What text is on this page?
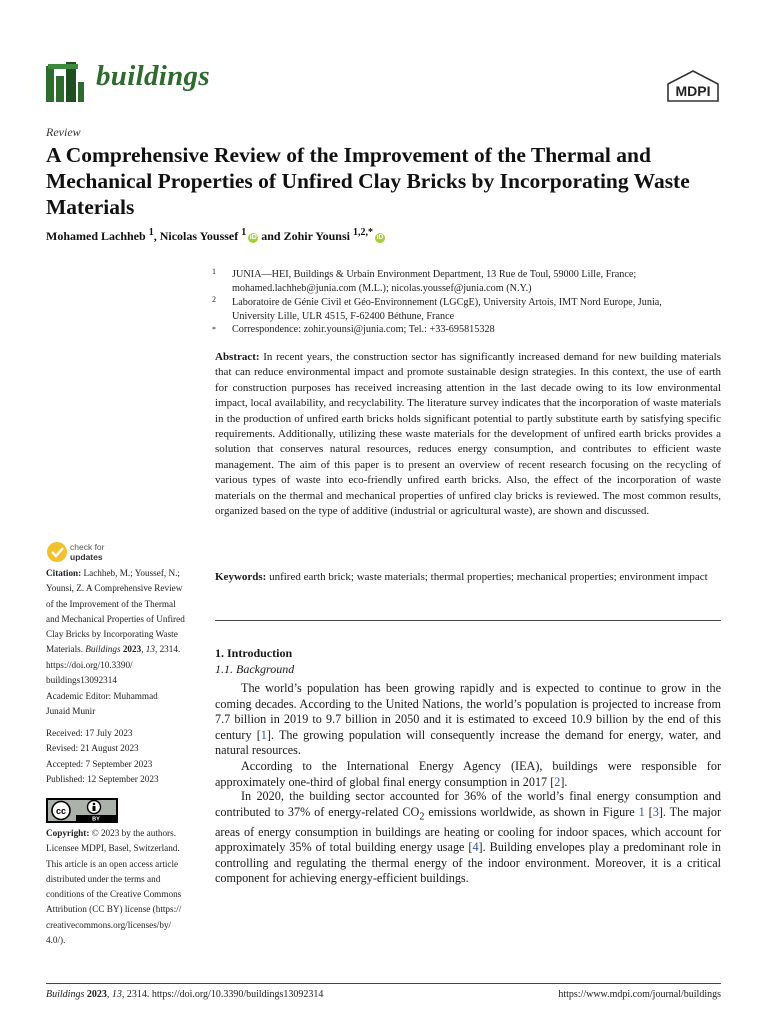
buildings	MDPI
Review
A Comprehensive Review of the Improvement of the Thermal and Mechanical Properties of Unfired Clay Bricks by Incorporating Waste Materials
Mohamed Lachheb $^1$, Nicolas Youssef $^1$ iD and Zohir Younsi $^{1,2,*}$ iD
1 JUNIA—HEI, Buildings & Urbain Environment Department, 13 Rue de Toul, 59000 Lille, France;
mohamed.lachheb@junia.com (M.L.); nicolas.youssef@junia.com (N.Y.)
2 Laboratoire de Génie Civil et Géo-Environnement (LGCgE), University Artois, IMT Nord Europe, Junia,
University Lille, ULR 4515, F-62400 Béthune, France
* Correspondence: zohir.younsi@junia.com; Tel.: +33-695815328
Abstract: In recent years, the construction sector has significantly increased demand for new building materials that can reduce environmental impact and promote sustainable design strategies. In this context, the use of earth for construction purposes has received increasing attention in the last decade owing to its low environmental impact, local availability, and recyclability. The literature survey indicates that the incorporation of waste materials in the production of unfired earth bricks holds significant potential to partly substitute earth by satisfying specific requirements. Additionally, utilizing these waste materials for the development of unfired earth bricks provides a solution that conserves natural resources, reduces energy consumption, and contributes to efficient waste management. The aim of this paper is to present an overview of recent research focusing on the recycling of various types of waste into eco-friendly unfired earth bricks. Also, the effect of the incorporation of waste materials on the thermal and mechanical properties of unfired clay bricks is reviewed. The most common results, organized based on the type of additive (industrial or agricultural waste), are shown and discussed.
Keywords: unfired earth brick; waste materials; thermal properties; mechanical properties; environment impact
check for
updates
Citation: Lachheb, M.; Youssef, N.;
Younsi, Z. A Comprehensive Review
of the Improvement of the Thermal
and Mechanical Properties of Unfired
Clay Bricks by Incorporating Waste
Materials. Buildings 2023, 13, 2314.
https://doi.org/10.3390/
buildings13092314
Academic Editor: Muhammad
Junaid Munir
Received: 17 July 2023
Revised: 21 August 2023
Accepted: 7 September 2023
Published: 12 September 2023
cc
BY
Copyright: © 2023 by the authors.
Licensee MDPI, Basel, Switzerland.
This article is an open access article
distributed under the terms and
conditions of the Creative Commons
Attribution (CC BY) license (https://
creativecommons.org/licenses/by/
4.0/).
1. Introduction
1.1. Background
The world’s population has been growing rapidly and is expected to continue to grow in the coming decades. According to the United Nations, the world’s population is projected to increase from 7.7 billion in 2019 to 9.7 billion in 2050 and it is estimated to exceed 10.9 billion by the end of this century [1]. The growing population will consequently increase the demand for energy, water, and natural resources.
According to the International Energy Agency (IEA), buildings were responsible for approximately one-third of global final energy consumption in 2017 [2].
In 2020, the building sector accounted for 36% of the world’s final energy consumption and contributed to 37% of energy-related $CO_2$ emissions worldwide, as shown in Figure 1 [3]. The major areas of energy consumption in buildings are heating or cooling for indoor spaces, which account for approximately 35% of total building energy usage [4]. Building envelopes play a predominant role in controlling and regulating the thermal energy of the indoor environment. Moreover, it is a critical component for achieving energy-efficient buildings.
Buildings 2023, 13, 2314. https://doi.org/10.3390/buildings13092314	https://www.mdpi.com/journal/buildings
